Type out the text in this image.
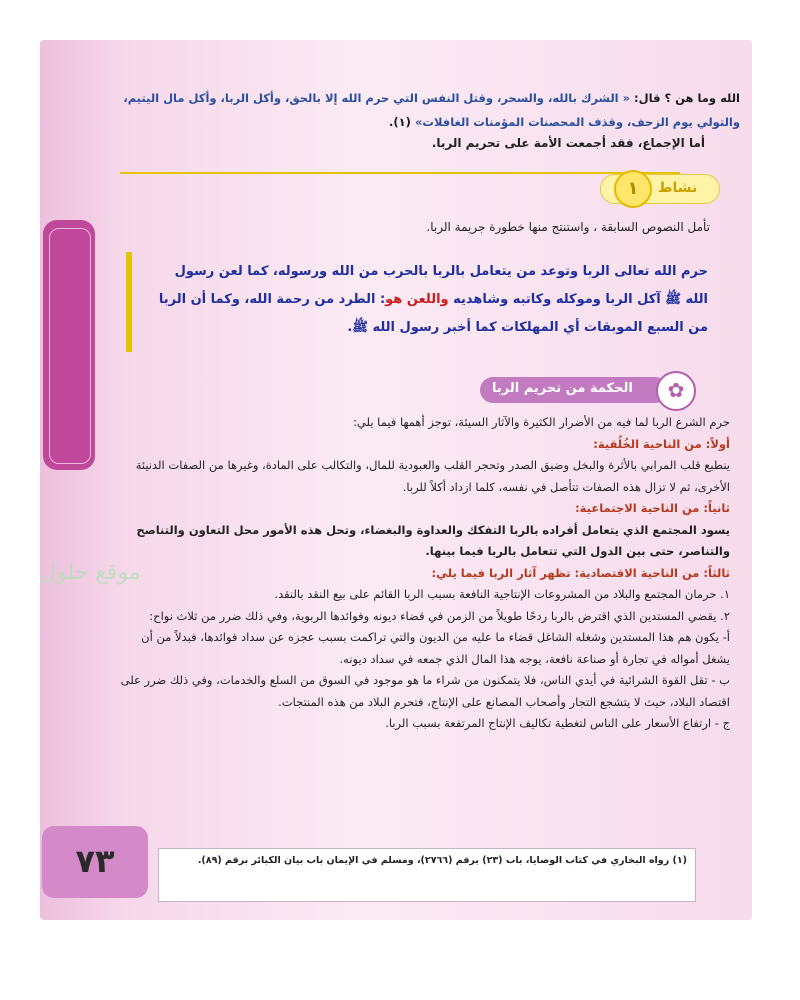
الله وما هن ؟ قال: « الشرك بالله، والسحر، وقتل النفس التي حرم الله إلا بالحق، وأكل الربا، وأكل مال اليتيم، والتولي يوم الزحف، وقذف المحصنات المؤمنات الغافلات» (١).
أما الإجماع، فقد أجمعت الأمة على تحريم الربا.
نشاط
١
تأمل النصوص السابقة ، واستنتج منها خطورة جريمة الربا.
حرم الله تعالى الربا وتوعد من يتعامل بالربا بالحرب من الله ورسوله، كما لعن رسول الله ﷺ آكل الربا وموكله وكاتبه وشاهديه واللعن هو: الطرد من رحمة الله، وكما أن الربا من السبع الموبقات أي المهلكات كما أخبر رسول الله ﷺ.
الوحدة الرابعة: الربا والمعاملات المصرفية	الحكمة من تحريم الربا	✿

حرم الشرع الربا لما فيه من الأضرار الكثيرة والآثار السيئة، توجز أهمها فيما يلي:

أولاً: من الناحية الخُلُقية:

ينطبع قلب المرابي بالأثرة والبخل وضيق الصدر وتحجر القلب والعبودية للمال، والتكالب على المادة، وغيرها من الصفات الدنيئة الأخرى، ثم لا تزال هذه الصفات تتأصل في نفسه، كلما ازداد أكلاً للربا.

ثانياً: من الناحية الاجتماعية:

يسود المجتمع الذي يتعامل أفراده بالربا التفكك والعداوة والبغضاء، وتحل هذه الأمور محل التعاون والتناصح والتناصر، حتى بين الدول التي تتعامل بالربا فيما بينها.

ثالثاً: من الناحية الاقتصادية: تظهر آثار الربا فيما يلي:

١. حرمان المجتمع والبلاد من المشروعات الإنتاجية النافعة بسبب الربا القائم على بيع النقد بالنقد.

٢. يقضي المستدين الذي اقترض بالربا ردحًا طويلاً من الزمن في قضاء ديونه وفوائدها الربوية، وفي ذلك ضرر من ثلاث نواح:

أ- يكون هم هذا المستدين وشغله الشاغل قضاء ما عليه من الديون والتي تراكمت بسبب عجزه عن سداد فوائدها، فبدلاً من أن يشغل أمواله في تجارة أو صناعة نافعة، يوجه هذا المال الذي جمعه في سداد ديونه.

ب - تقل القوة الشرائية في أيدي الناس، فلا يتمكنون من شراء ما هو موجود في السوق من السلع والخدمات، وفي ذلك ضرر على اقتصاد البلاد، حيث لا يتشجع التجار وأصحاب المصانع على الإنتاج، فتحرم البلاد من هذه المنتجات.

ج - ارتفاع الأسعار على الناس لتغطية تكاليف الإنتاج المرتفعة بسبب الربا.

موقع حلول
٧٣	(١) رواه البخاري في كتاب الوصايا، باب (٢٣) برقم (٢٧٦٦)، ومسلم في الإيمان باب بيان الكبائر برقم (٨٩).
